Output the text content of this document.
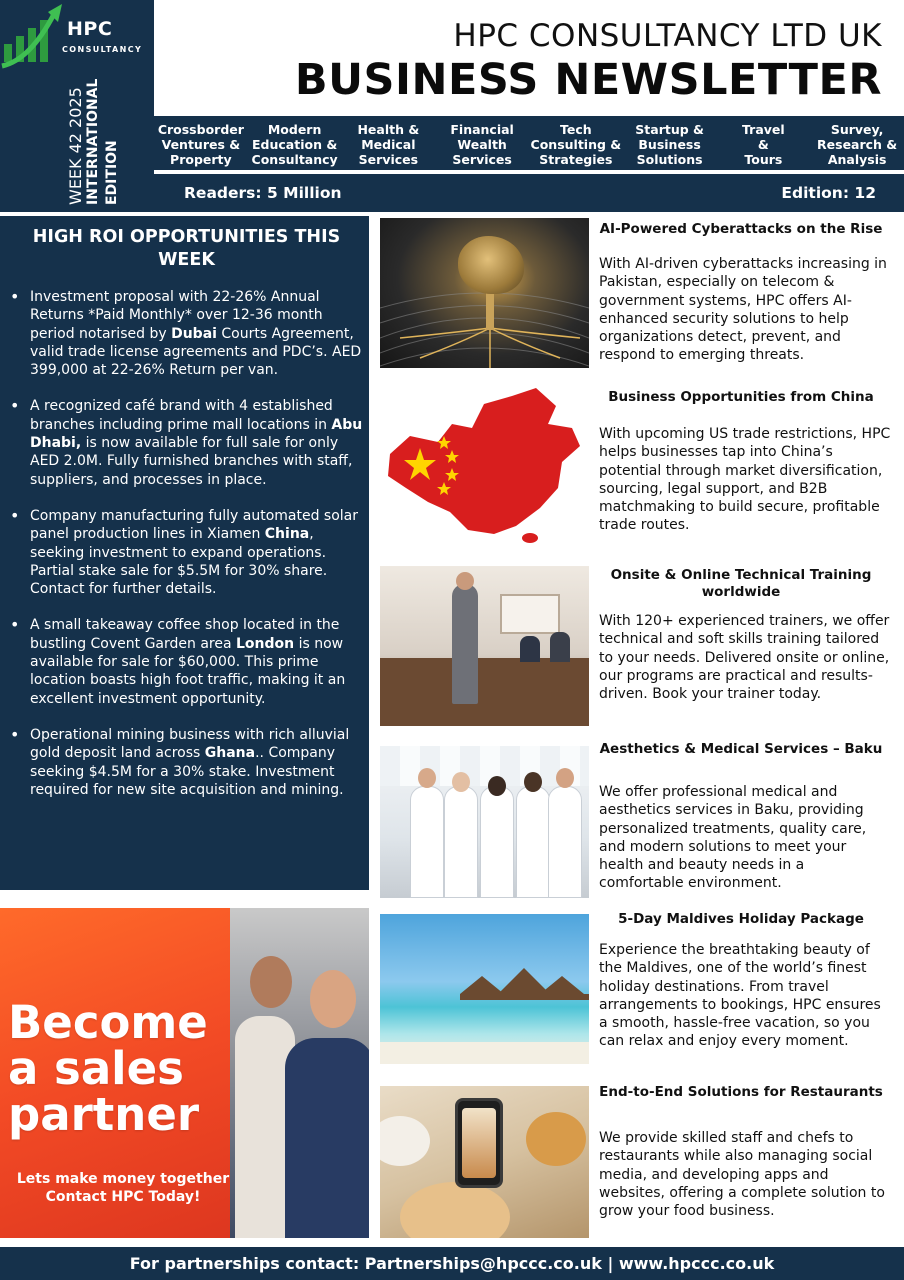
HPC
CONSULTANCY
WEEK 42 2025 INTERNATIONAL EDITION
HPC CONSULTANCY LTD UK
BUSINESS NEWSLETTER
Crossborder
Ventures &
Property
Modern
Education &
Consultancy
Health &
Medical
Services
Financial
Wealth
Services
Tech
Consulting &
Strategies
Startup &
Business
Solutions
Travel
&
Tours
Survey,
Research &
Analysis
Readers: 5 Million	Edition: 12
HIGH ROI OPPORTUNITIES THIS WEEK
• Investment proposal with 22-26% Annual Returns *Paid Monthly* over 12-36 month period notarised by Dubai Courts Agreement, valid trade license agreements and PDC’s. AED 399,000 at 22-26% Return per van.
• A recognized café brand with 4 established branches including prime mall locations in Abu Dhabi, is now available for full sale for only AED 2.0M. Fully furnished branches with staff, suppliers, and processes in place.
• Company manufacturing fully automated solar panel production lines in Xiamen China, seeking investment to expand operations. Partial stake sale for $5.5M for 30% share. Contact for further details.
• A small takeaway coffee shop located in the bustling Covent Garden area London is now available for sale for $60,000. This prime location boasts high foot traffic, making it an excellent investment opportunity.
• Operational mining business with rich alluvial gold deposit land across Ghana.. Company seeking $4.5M for a 30% stake. Investment required for new site acquisition and mining.
Become
a sales
partner
Lets make money together
Contact HPC Today!
AI-Powered Cyberattacks on the Rise
With AI-driven cyberattacks increasing in Pakistan, especially on telecom & government systems, HPC offers AI-enhanced security solutions to help organizations detect, prevent, and respond to emerging threats.
Business Opportunities from China
With upcoming US trade restrictions, HPC helps businesses tap into China’s potential through market diversification, sourcing, legal support, and B2B matchmaking to build secure, profitable trade routes.
Onsite & Online Technical Training worldwide
With 120+ experienced trainers, we offer technical and soft skills training tailored to your needs. Delivered onsite or online, our programs are practical and results-driven. Book your trainer today.
Aesthetics & Medical Services – Baku
We offer professional medical and aesthetics services in Baku, providing personalized treatments, quality care, and modern solutions to meet your health and beauty needs in a comfortable environment.
5-Day Maldives Holiday Package
Experience the breathtaking beauty of the Maldives, one of the world’s finest holiday destinations. From travel arrangements to bookings, HPC ensures a smooth, hassle-free vacation, so you can relax and enjoy every moment.
End-to-End Solutions for Restaurants
We provide skilled staff and chefs to restaurants while also managing social media, and developing apps and websites, offering a complete solution to grow your food business.
For partnerships contact: Partnerships@hpccc.co.uk | www.hpccc.co.uk
